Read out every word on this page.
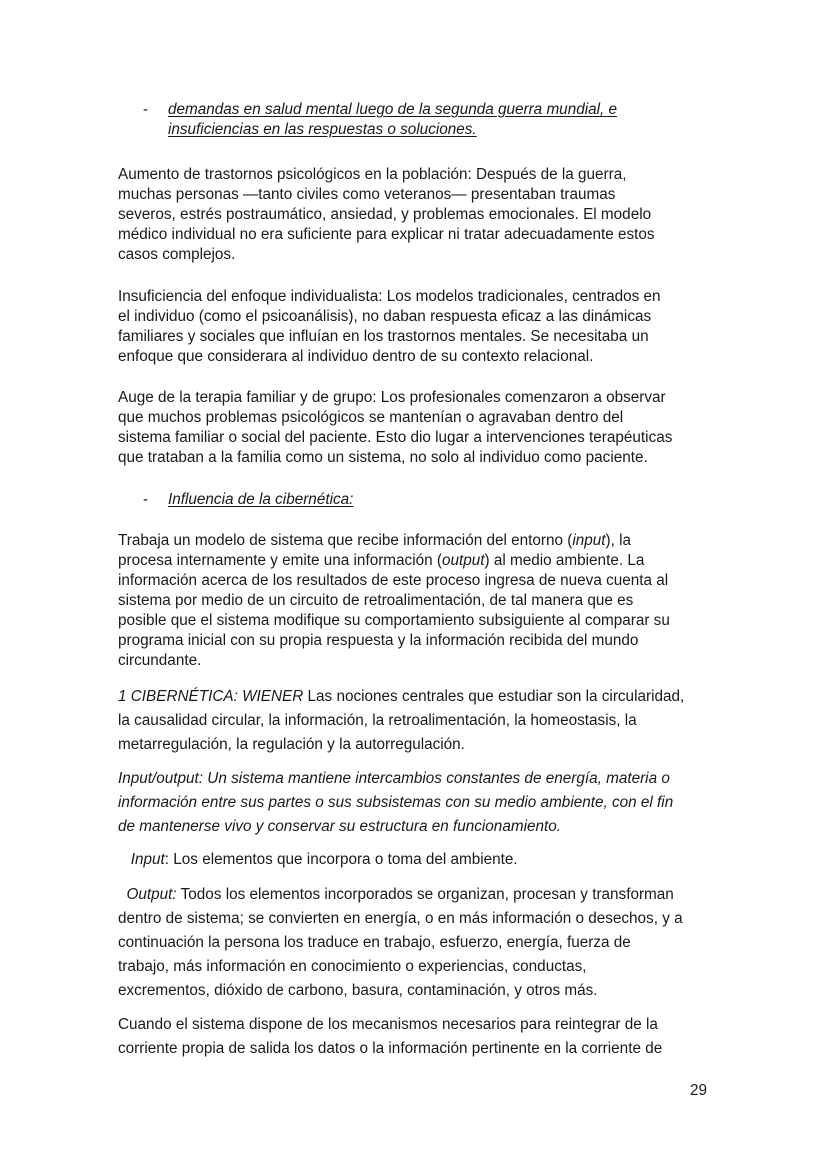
- demandas en salud mental luego de la segunda guerra mundial, e
insuficiencias en las respuestas o soluciones.
Aumento de trastornos psicológicos en la población: Después de la guerra,
muchas personas —tanto civiles como veteranos— presentaban traumas
severos, estrés postraumático, ansiedad, y problemas emocionales. El modelo
médico individual no era suficiente para explicar ni tratar adecuadamente estos
casos complejos.
Insuficiencia del enfoque individualista: Los modelos tradicionales, centrados en
el individuo (como el psicoanálisis), no daban respuesta eficaz a las dinámicas
familiares y sociales que influían en los trastornos mentales. Se necesitaba un
enfoque que considerara al individuo dentro de su contexto relacional.
Auge de la terapia familiar y de grupo: Los profesionales comenzaron a observar
que muchos problemas psicológicos se mantenían o agravaban dentro del
sistema familiar o social del paciente. Esto dio lugar a intervenciones terapéuticas
que trataban a la familia como un sistema, no solo al individuo como paciente.
- Influencia de la cibernética:
Trabaja un modelo de sistema que recibe información del entorno (input), la
procesa internamente y emite una información (output) al medio ambiente. La
información acerca de los resultados de este proceso ingresa de nueva cuenta al
sistema por medio de un circuito de retroalimentación, de tal manera que es
posible que el sistema modifique su comportamiento subsiguiente al comparar su
programa inicial con su propia respuesta y la información recibida del mundo
circundante.
1 CIBERNÉTICA: WIENER Las nociones centrales que estudiar son la circularidad,
la causalidad circular, la información, la retroalimentación, la homeostasis, la
metarregulación, la regulación y la autorregulación.
Input/output: Un sistema mantiene intercambios constantes de energía, materia o
información entre sus partes o sus subsistemas con su medio ambiente, con el fin
de mantenerse vivo y conservar su estructura en funcionamiento.
Input: Los elementos que incorpora o toma del ambiente.
Output: Todos los elementos incorporados se organizan, procesan y transforman
dentro de sistema; se convierten en energía, o en más información o desechos, y a
continuación la persona los traduce en trabajo, esfuerzo, energía, fuerza de
trabajo, más información en conocimiento o experiencias, conductas,
excrementos, dióxido de carbono, basura, contaminación, y otros más.
Cuando el sistema dispone de los mecanismos necesarios para reintegrar de la
corriente propia de salida los datos o la información pertinente en la corriente de
29
